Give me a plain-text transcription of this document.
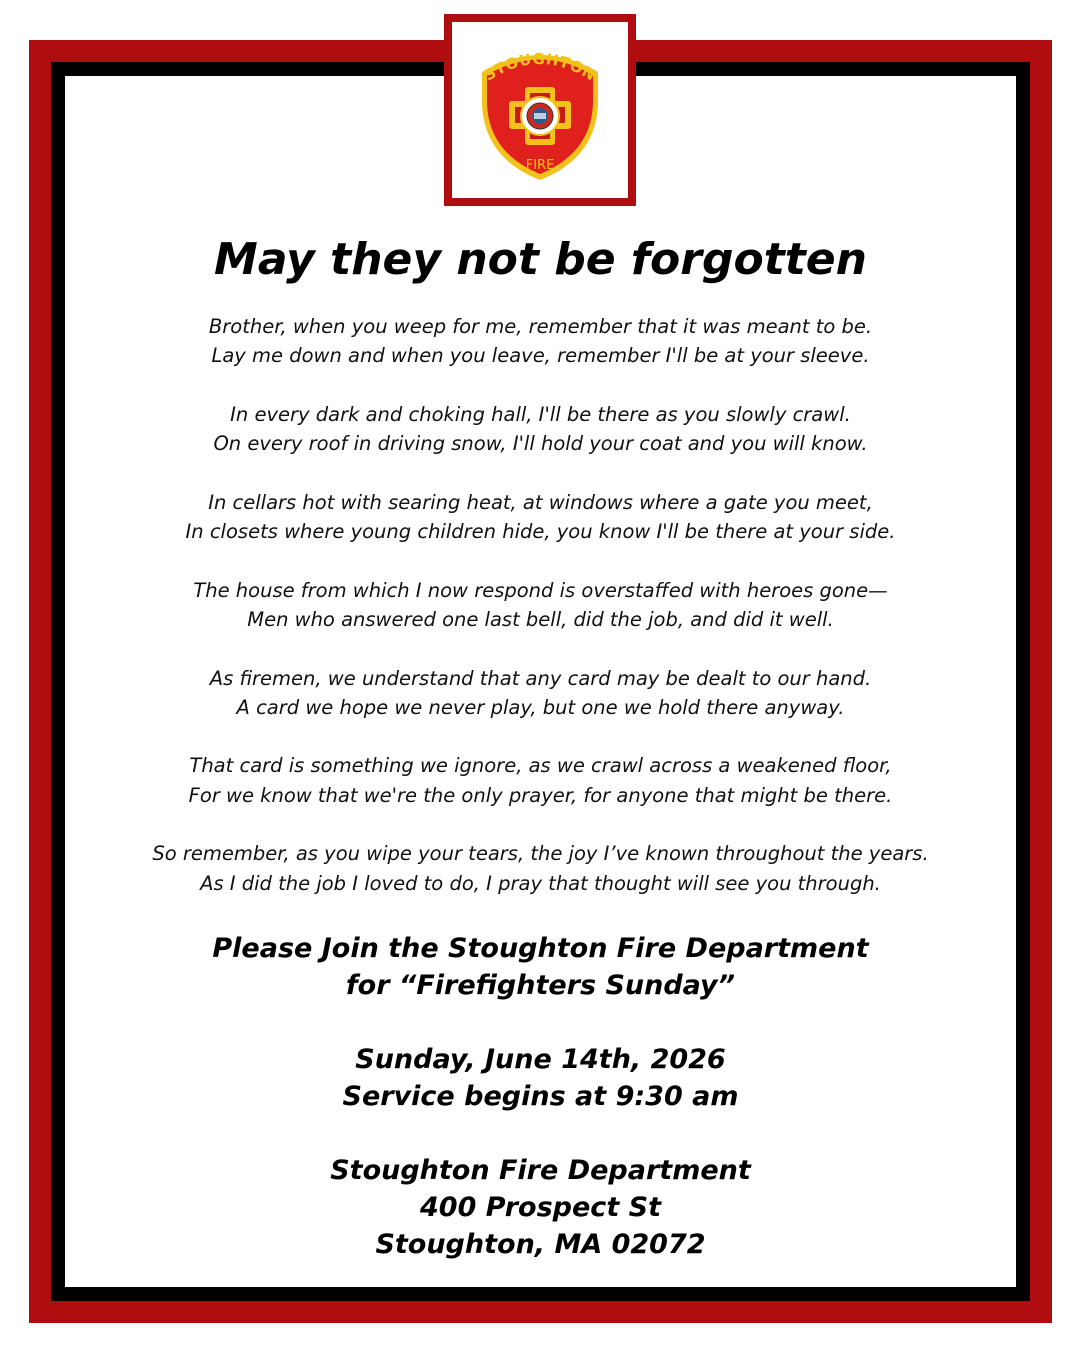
STOUGHTON
FIRE
May they not be forgotten
Brother, when you weep for me, remember that it was meant to be.
Lay me down and when you leave, remember I'll be at your sleeve.
In every dark and choking hall, I'll be there as you slowly crawl.
On every roof in driving snow, I'll hold your coat and you will know.
In cellars hot with searing heat, at windows where a gate you meet,
In closets where young children hide, you know I'll be there at your side.
The house from which I now respond is overstaffed with heroes gone—
Men who answered one last bell, did the job, and did it well.
As firemen, we understand that any card may be dealt to our hand.
A card we hope we never play, but one we hold there anyway.
That card is something we ignore, as we crawl across a weakened floor,
For we know that we're the only prayer, for anyone that might be there.
So remember, as you wipe your tears, the joy I’ve known throughout the years.
As I did the job I loved to do, I pray that thought will see you through.
Please Join the Stoughton Fire Department
for “Firefighters Sunday”
Sunday, June 14th, 2026
Service begins at 9:30 am
Stoughton Fire Department
400 Prospect St
Stoughton, MA 02072
